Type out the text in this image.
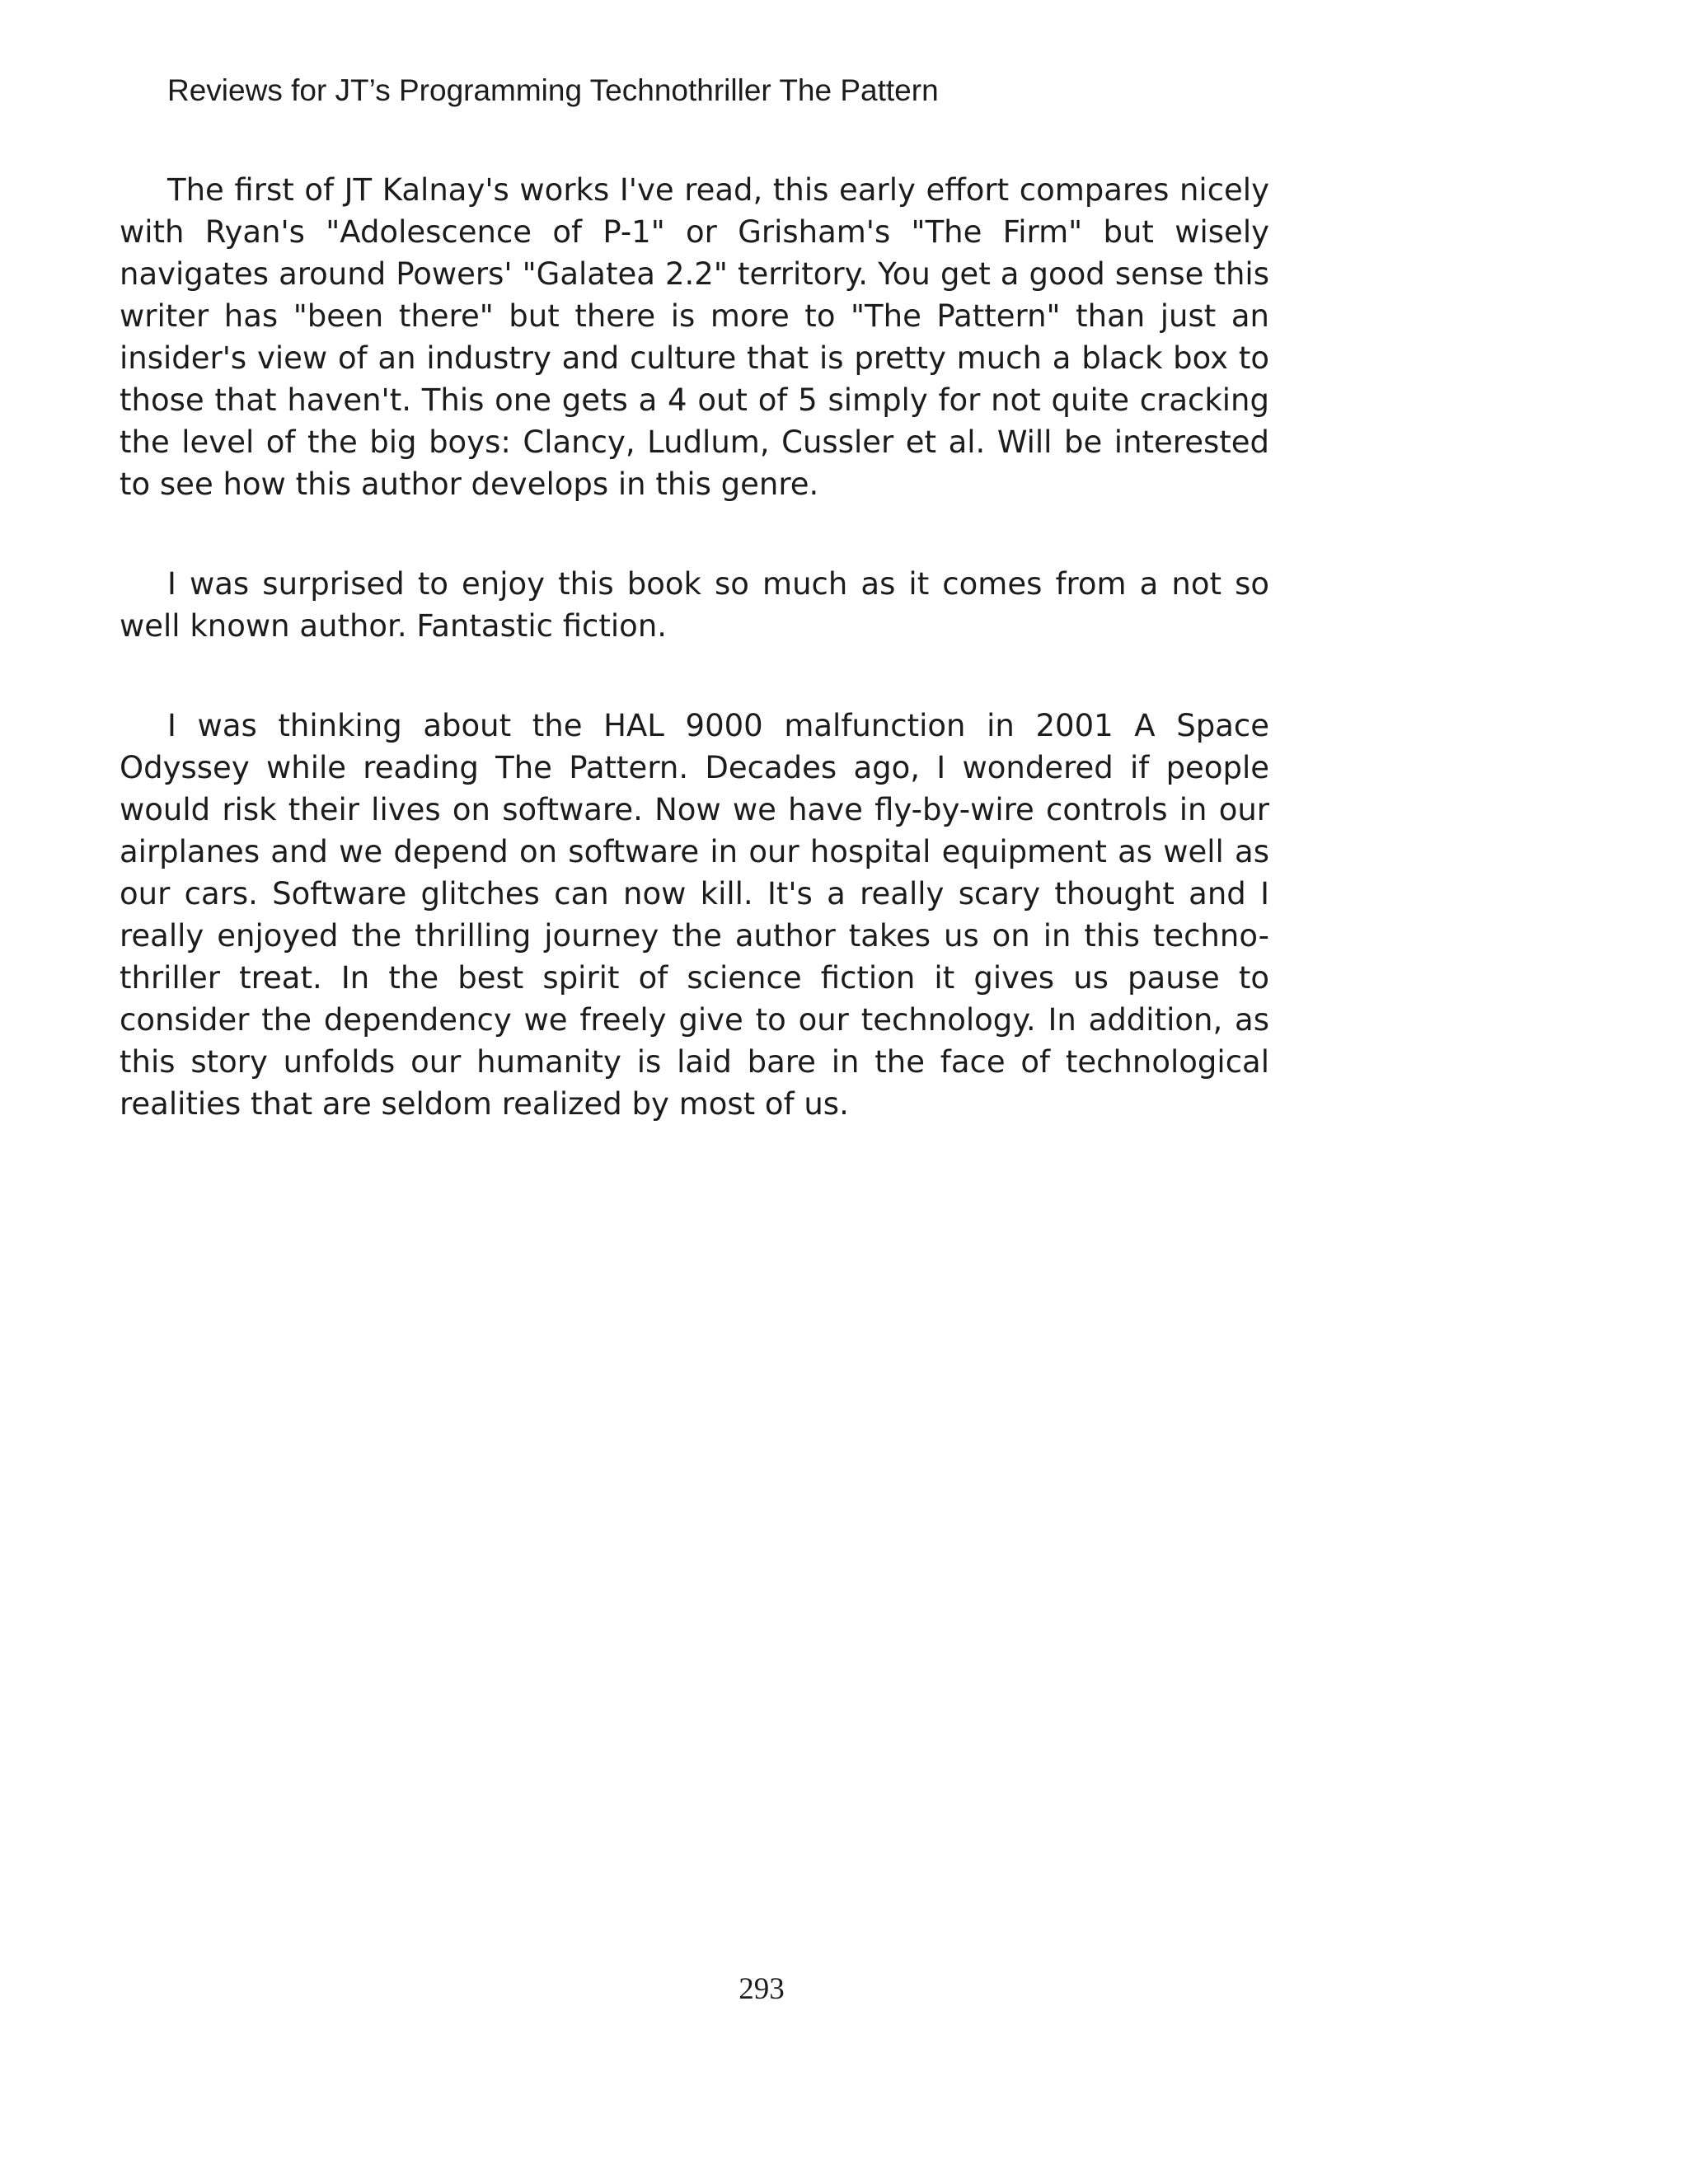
Reviews for JT’s Programming Technothriller The Pattern

The first of JT Kalnay's works I've read, this early effort compares nicely with Ryan's "Adolescence of P-1" or Grisham's "The Firm" but wisely navigates around Powers' "Galatea 2.2" territory. You get a good sense this writer has "been there" but there is more to "The Pattern" than just an insider's view of an industry and culture that is pretty much a black box to those that haven't. This one gets a 4 out of 5 simply for not quite cracking the level of the big boys: Clancy, Ludlum, Cussler et al. Will be interested to see how this author develops in this genre.

I was surprised to enjoy this book so much as it comes from a not so well known author. Fantastic fiction.

I was thinking about the HAL 9000 malfunction in 2001 A Space Odyssey while reading The Pattern. Decades ago, I wondered if people would risk their lives on software. Now we have fly-by-wire controls in our airplanes and we depend on software in our hospital equipment as well as our cars. Software glitches can now kill. It's a really scary thought and I really enjoyed the thrilling journey the author takes us on in this techno-thriller treat. In the best spirit of science fiction it gives us pause to consider the dependency we freely give to our technology. In addition, as this story unfolds our humanity is laid bare in the face of technological realities that are seldom realized by most of us.

293
